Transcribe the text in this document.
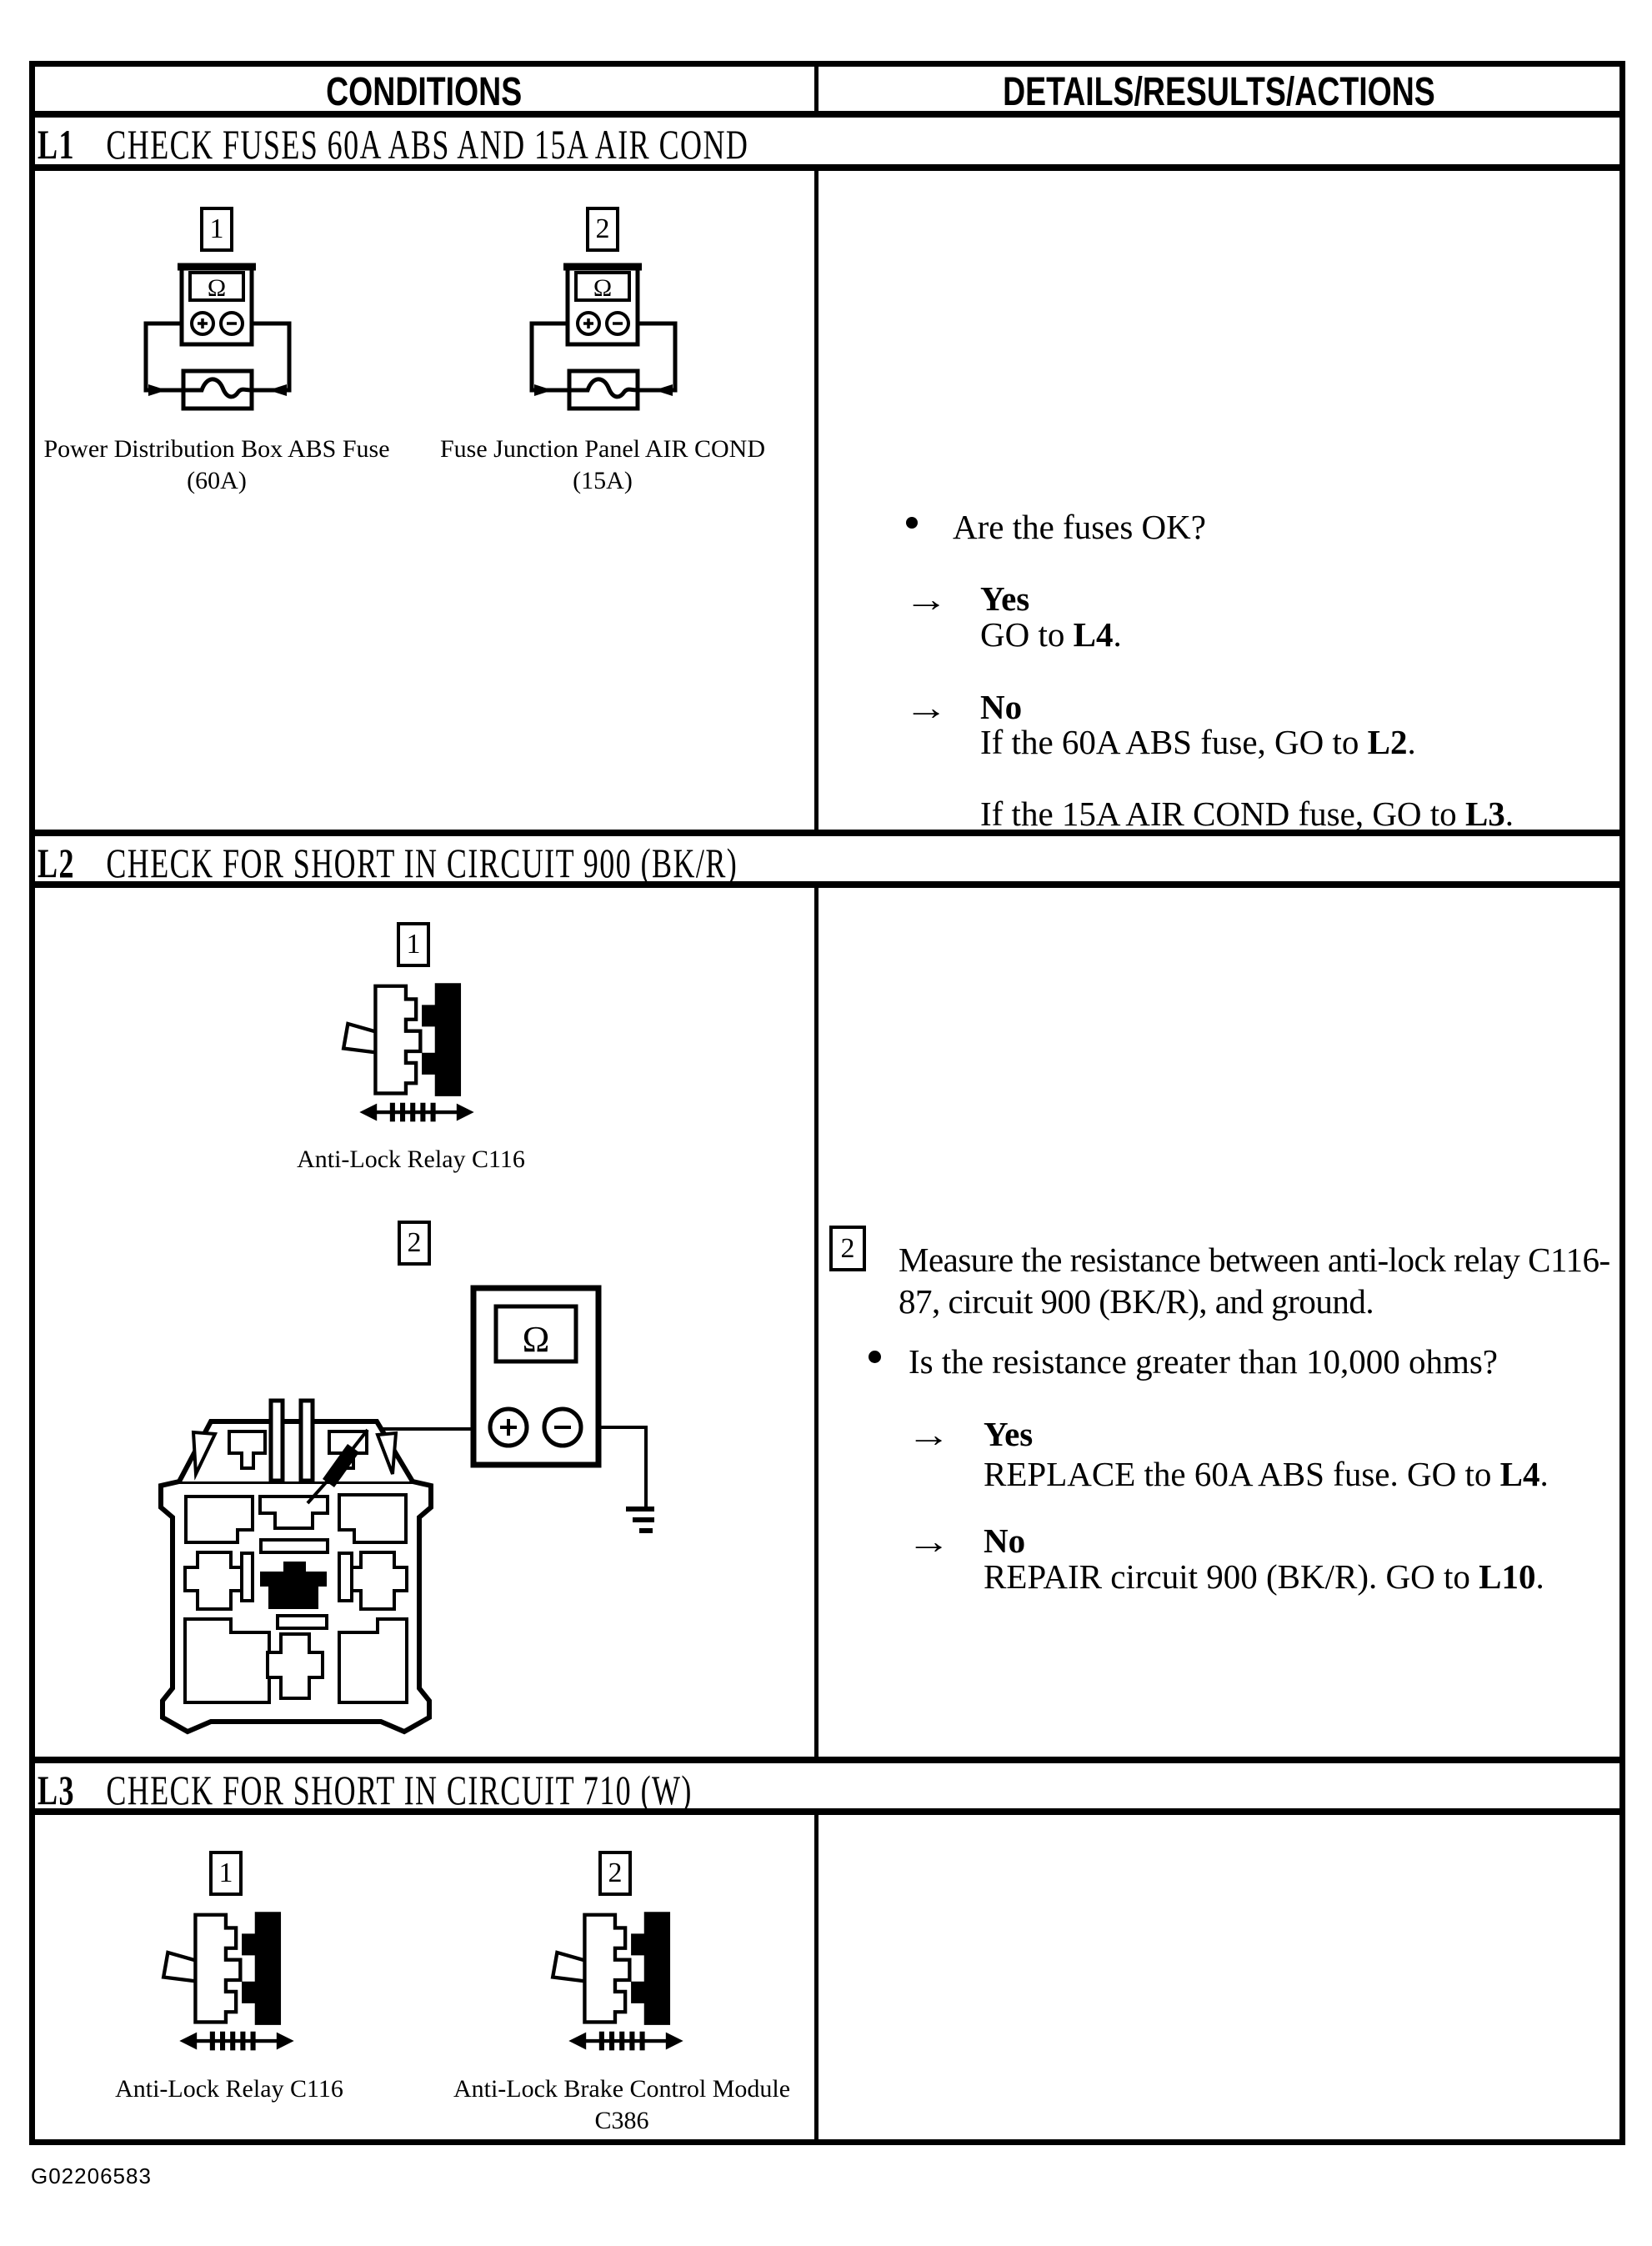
CONDITIONS	DETAILS/RESULTS/ACTIONS
L1 CHECK FUSES 60A ABS AND 15A AIR COND
1	2
Ω	Ω
Power Distribution Box ABS Fuse
(60A)
Fuse Junction Panel AIR COND
(15A)
Are the fuses OK?
→ Yes
GO to L4.
→ No
If the 60A ABS fuse, GO to L2.
If the 15A AIR COND fuse, GO to L3.
L2 CHECK FOR SHORT IN CIRCUIT 900 (BK/R)
1
Anti-Lock Relay C116
2
Ω
2 Measure the resistance between anti-lock relay C116-87, circuit 900 (BK/R), and ground.
Is the resistance greater than 10,000 ohms?
→ Yes
REPLACE the 60A ABS fuse. GO to L4.
→ No
REPAIR circuit 900 (BK/R). GO to L10.
L3 CHECK FOR SHORT IN CIRCUIT 710 (W)
1	2
Anti-Lock Relay C116	Anti-Lock Brake Control Module
C386
G02206583
